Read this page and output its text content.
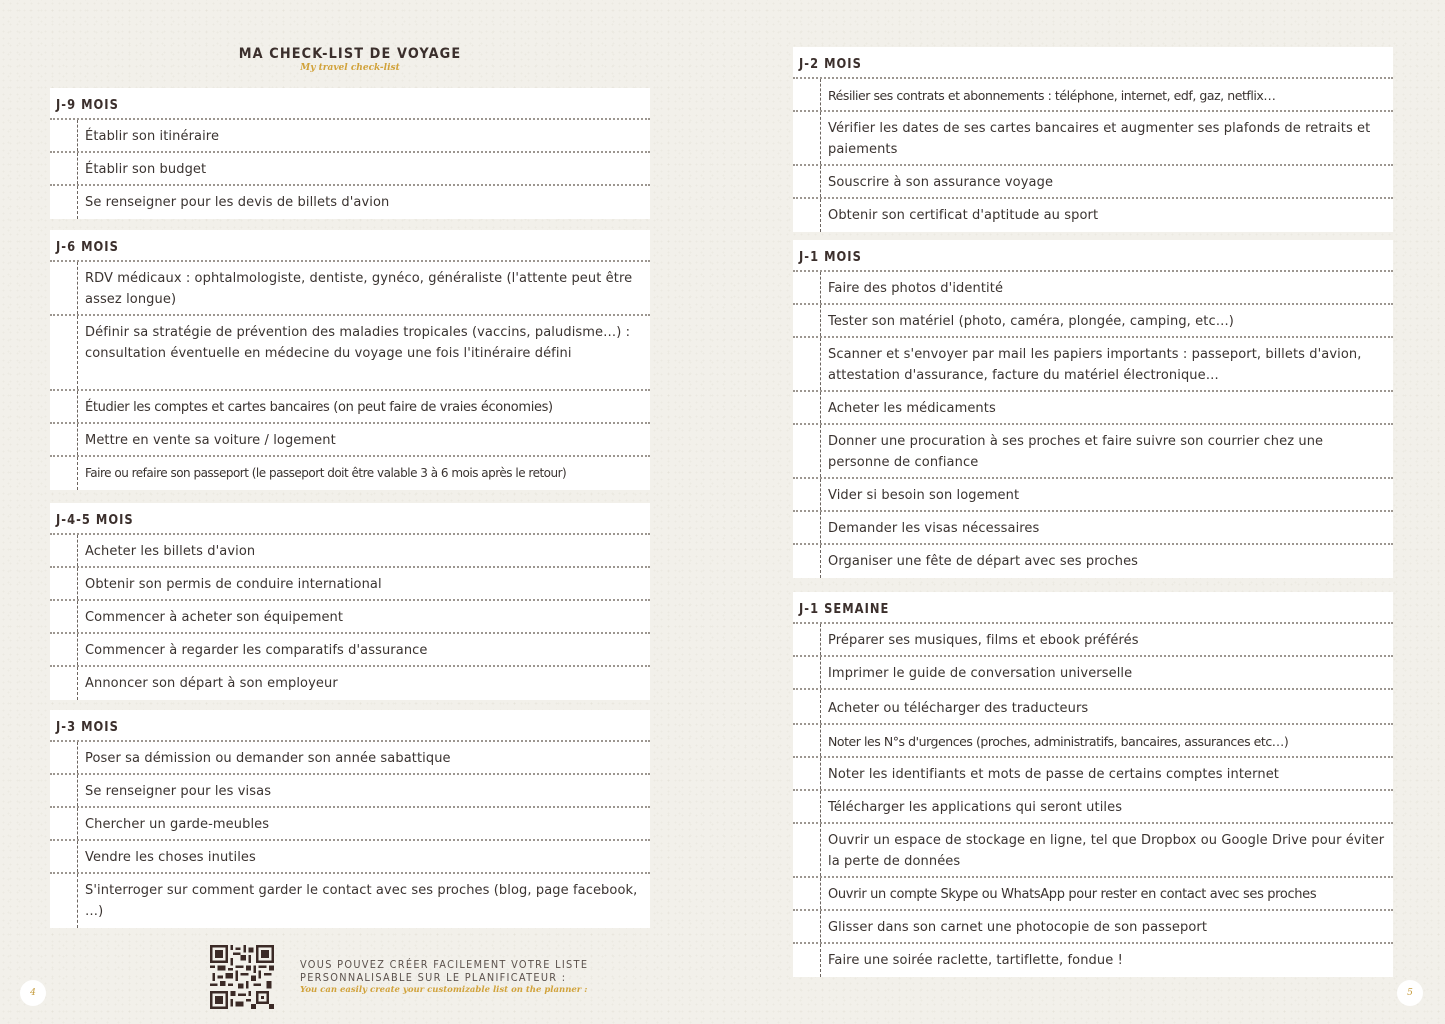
MA CHECK-LIST DE VOYAGE
My travel check-list
J-9 MOIS
Établir son itinéraire
Établir son budget
Se renseigner pour les devis de billets d'avion
J-6 MOIS
RDV médicaux : ophtalmologiste, dentiste, gynéco, généraliste (l'attente peut être assez longue)
Définir sa stratégie de prévention des maladies tropicales (vaccins, paludisme…) : consultation éventuelle en médecine du voyage une fois l'itinéraire défini
Étudier les comptes et cartes bancaires (on peut faire de vraies économies)
Mettre en vente sa voiture / logement
Faire ou refaire son passeport (le passeport doit être valable 3 à 6 mois après le retour)
J-4-5 MOIS
Acheter les billets d'avion
Obtenir son permis de conduire international
Commencer à acheter son équipement
Commencer à regarder les comparatifs d'assurance
Annoncer son départ à son employeur
J-3 MOIS
Poser sa démission ou demander son année sabattique
Se renseigner pour les visas
Chercher un garde-meubles
Vendre les choses inutiles
S'interroger sur comment garder le contact avec ses proches (blog, page facebook, …)
VOUS POUVEZ CRÉER FACILEMENT VOTRE LISTE
PERSONNALISABLE SUR LE PLANIFICATEUR :
You can easily create your customizable list on the planner :
4
J-2 MOIS
Résilier ses contrats et abonnements : téléphone, internet, edf, gaz, netflix…
Vérifier les dates de ses cartes bancaires et augmenter ses plafonds de retraits et paiements
Souscrire à son assurance voyage
Obtenir son certificat d'aptitude au sport
J-1 MOIS
Faire des photos d'identité
Tester son matériel (photo, caméra, plongée, camping, etc…)
Scanner et s'envoyer par mail les papiers importants : passeport, billets d'avion, attestation d'assurance, facture du matériel électronique…
Acheter les médicaments
Donner une procuration à ses proches et faire suivre son courrier chez une personne de confiance
Vider si besoin son logement
Demander les visas nécessaires
Organiser une fête de départ avec ses proches
J-1 SEMAINE
Préparer ses musiques, films et ebook préférés
Imprimer le guide de conversation universelle
Acheter ou télécharger des traducteurs
Noter les N°s d'urgences (proches, administratifs, bancaires, assurances etc…)
Noter les identifiants et mots de passe de certains comptes internet
Télécharger les applications qui seront utiles
Ouvrir un espace de stockage en ligne, tel que Dropbox ou Google Drive pour éviter la perte de données
Ouvrir un compte Skype ou WhatsApp pour rester en contact avec ses proches
Glisser dans son carnet une photocopie de son passeport
Faire une soirée raclette, tartiflette, fondue !
5
